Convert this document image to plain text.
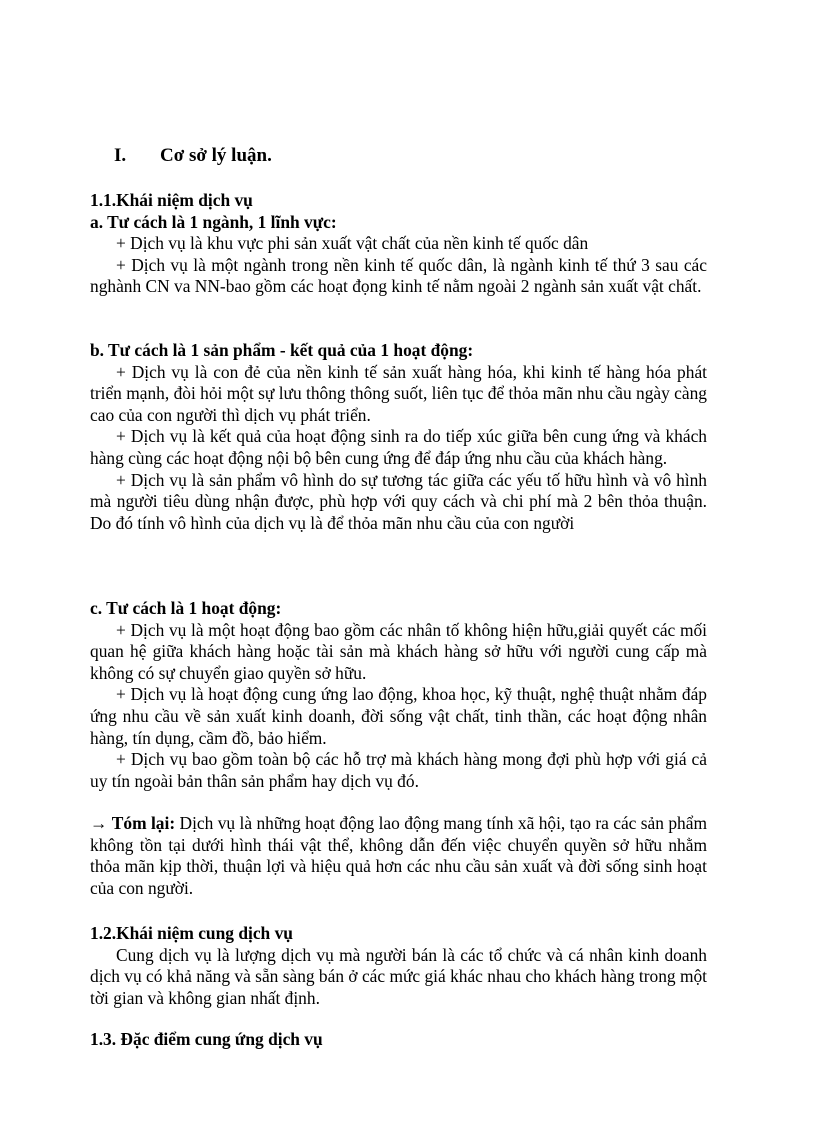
I. Cơ sở lý luận.

1.1.Khái niệm dịch vụ

a. Tư cách là 1 ngành, 1 lĩnh vực:

+ Dịch vụ là khu vực phi sản xuất vật chất của nền kinh tế quốc dân

+ Dịch vụ là một ngành trong nền kinh tế quốc dân, là ngành kinh tế thứ 3 sau các nghành CN va NN-bao gồm các hoạt đọng kinh tế nằm ngoài 2 ngành sản xuất vật chất.

b. Tư cách là 1 sản phẩm - kết quả của 1 hoạt động:

+ Dịch vụ là con đẻ của nền kinh tế sản xuất hàng hóa, khi kinh tế hàng hóa phát triển mạnh, đòi hỏi một sự lưu thông thông suốt, liên tục để thỏa mãn nhu cầu ngày càng cao của con người thì dịch vụ phát triển.

+ Dịch vụ là kết quả của hoạt động sinh ra do tiếp xúc giữa bên cung ứng và khách hàng cùng các hoạt động nội bộ bên cung ứng để đáp ứng nhu cầu của khách hàng.

+ Dịch vụ là sản phẩm vô hình do sự tương tác giữa các yếu tố hữu hình và vô hình mà người tiêu dùng nhận được, phù hợp với quy cách và chi phí mà 2 bên thỏa thuận. Do đó tính vô hình của dịch vụ là để thỏa mãn nhu cầu của con người

c. Tư cách là 1 hoạt động:

+ Dịch vụ là một hoạt động bao gồm các nhân tố không hiện hữu,giải quyết các mối quan hệ giữa khách hàng hoặc tài sản mà khách hàng sở hữu với người cung cấp mà không có sự chuyển giao quyền sở hữu.

+ Dịch vụ là hoạt động cung ứng lao động, khoa học, kỹ thuật, nghệ thuật nhằm đáp ứng nhu cầu về sản xuất kinh doanh, đời sống vật chất, tinh thần, các hoạt động nhân hàng, tín dụng, cầm đồ, bảo hiểm.

+ Dịch vụ bao gồm toàn bộ các hỗ trợ mà khách hàng mong đợi phù hợp với giá cả uy tín ngoài bản thân sản phẩm hay dịch vụ đó.

→ Tóm lại: Dịch vụ là những hoạt động lao động mang tính xã hội, tạo ra các sản phẩm không tồn tại dưới hình thái vật thể, không dẫn đến việc chuyển quyền sở hữu nhằm thỏa mãn kịp thời, thuận lợi và hiệu quả hơn các nhu cầu sản xuất và đời sống sinh hoạt của con người.

1.2.Khái niệm cung dịch vụ

Cung dịch vụ là lượng dịch vụ mà người bán là các tổ chức và cá nhân kinh doanh dịch vụ có khả năng và sẵn sàng bán ở các mức giá khác nhau cho khách hàng trong một tời gian và không gian nhất định.

1.3. Đặc điểm cung ứng dịch vụ
